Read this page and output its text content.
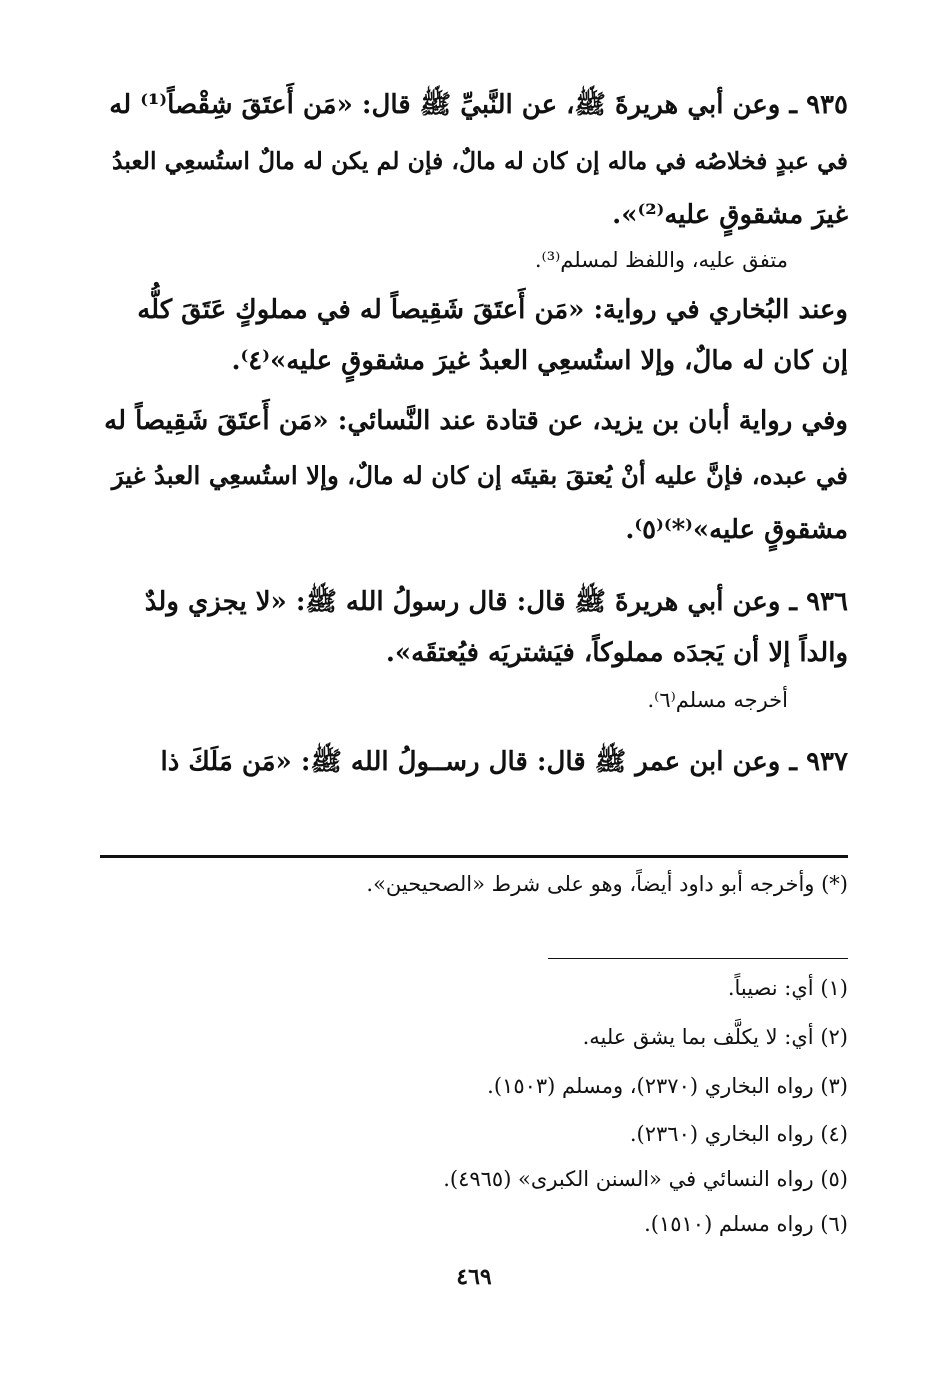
٩٣٥ ـ وعن أبي هريرةَ ﷺ، عن النَّبيِّ ﷺ قال: «مَن أَعتَقَ شِقْصاً⁽¹⁾ له
في عبدٍ فخلاصُه في ماله إن كان له مالٌ، فإن لم يكن له مالٌ استُسعِي العبدُ
غيرَ مشقوقٍ عليه⁽²⁾».
متفق عليه، واللفظ لمسلم⁽³⁾.
وعند البُخاري في رواية: «مَن أَعتَقَ شَقِيصاً له في مملوكٍ عَتَقَ كلُّه
إن كان له مالٌ، وإلا استُسعِي العبدُ غيرَ مشقوقٍ عليه»⁽٤⁾.
وفي رواية أبان بن يزيد، عن قتادة عند النَّسائي: «مَن أَعتَقَ شَقِيصاً له
في عبده، فإنَّ عليه أنْ يُعتقَ بقيتَه إن كان له مالٌ، وإلا استُسعِي العبدُ غيرَ
مشقوقٍ عليه»⁽*⁾⁽٥⁾.
٩٣٦ ـ وعن أبي هريرةَ ﷺ قال: قال رسولُ الله ﷺ: «لا يجزي ولدٌ
والداً إلا أن يَجدَه مملوكاً، فيَشتريَه فيُعتقَه».
أخرجه مسلم⁽٦⁾.
٩٣٧ ـ وعن ابن عمر ﷺ قال: قال رســولُ الله ﷺ: «مَن مَلَكَ ذا
(*) وأخرجه أبو داود أيضاً، وهو على شرط «الصحيحين».
(١) أي: نصيباً.
(٢) أي: لا يكلَّف بما يشق عليه.
(٣) رواه البخاري (٢٣٧٠)، ومسلم (١٥٠٣).
(٤) رواه البخاري (٢٣٦٠).
(٥) رواه النسائي في «السنن الكبرى» (٤٩٦٥).
(٦) رواه مسلم (١٥١٠).
٤٦٩
